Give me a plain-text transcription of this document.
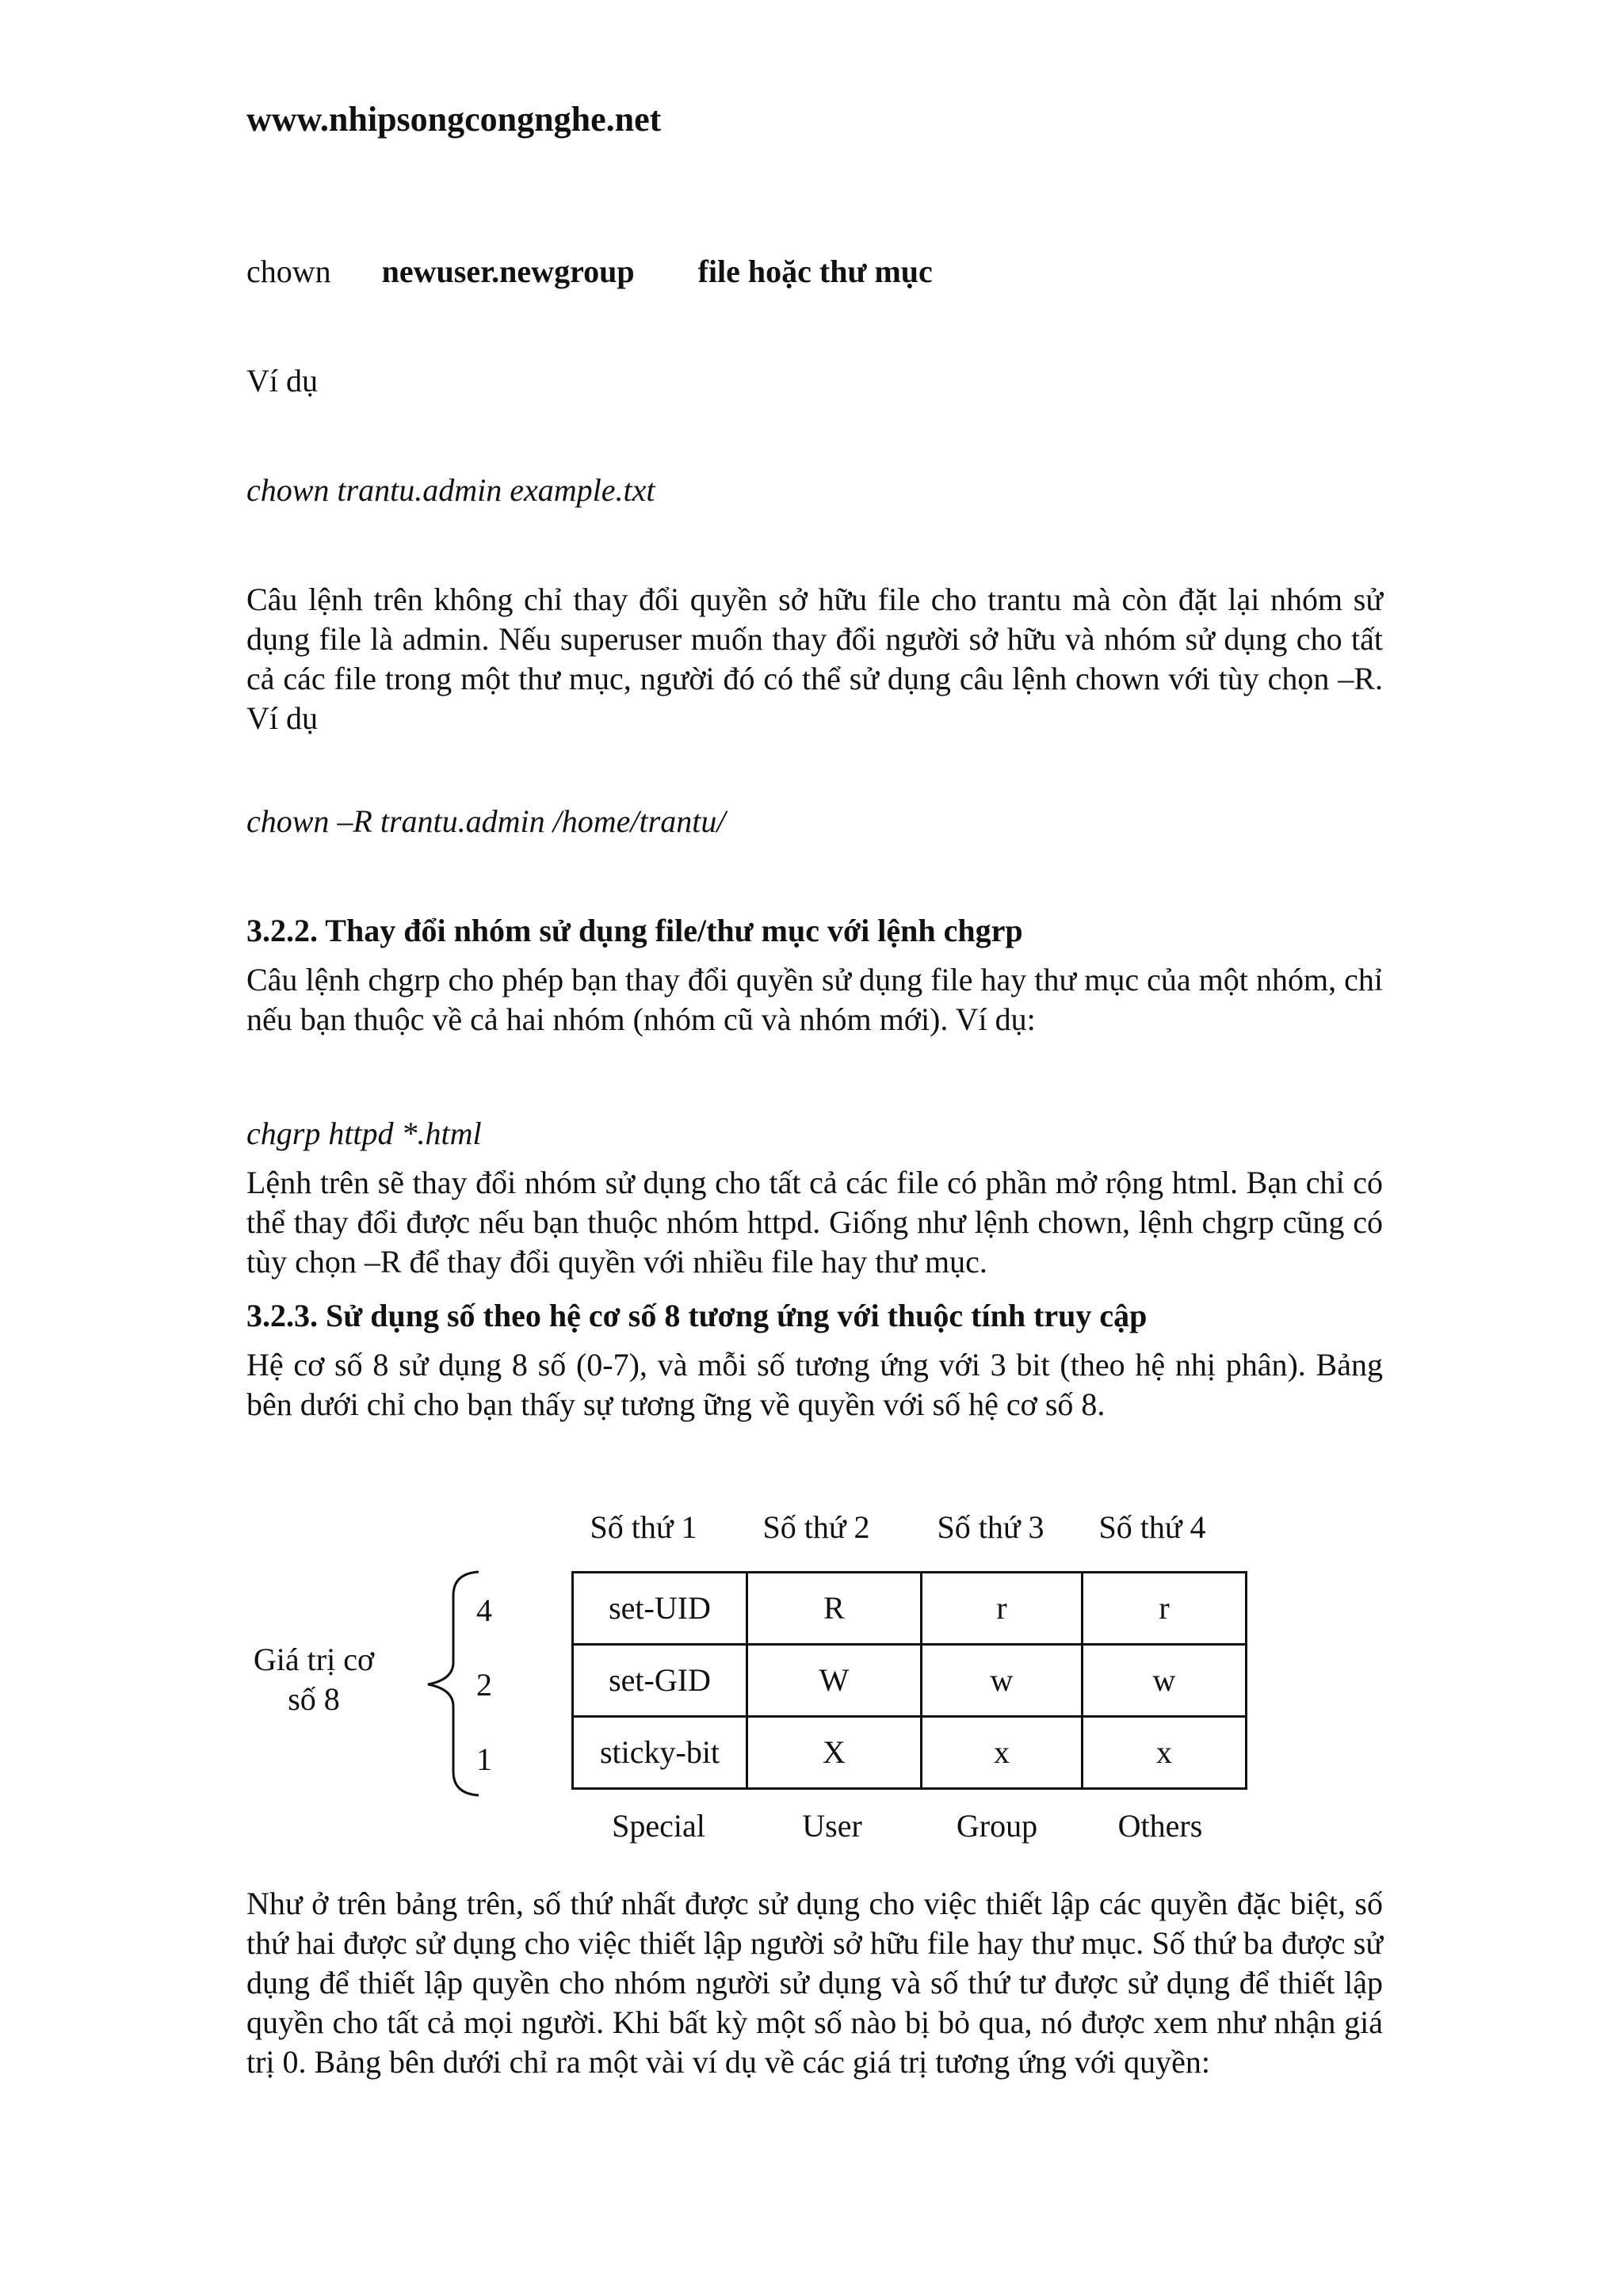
www.nhipsongcongnghe.net
chown newuser.newgroup file hoặc thư mục
Ví dụ
chown trantu.admin example.txt
Câu lệnh trên không chỉ thay đổi quyền sở hữu file cho trantu mà còn đặt lại nhóm sử dụng file là admin. Nếu superuser muốn thay đổi người sở hữu và nhóm sử dụng cho tất cả các file trong một thư mục, người đó có thể sử dụng câu lệnh chown với tùy chọn –R. Ví dụ
chown –R trantu.admin /home/trantu/
3.2.2. Thay đổi nhóm sử dụng file/thư mục với lệnh chgrp
Câu lệnh chgrp cho phép bạn thay đổi quyền sử dụng file hay thư mục của một nhóm, chỉ nếu bạn thuộc về cả hai nhóm (nhóm cũ và nhóm mới). Ví dụ:
chgrp httpd *.html
Lệnh trên sẽ thay đổi nhóm sử dụng cho tất cả các file có phần mở rộng html. Bạn chỉ có thể thay đổi được nếu bạn thuộc nhóm httpd. Giống như lệnh chown, lệnh chgrp cũng có tùy chọn –R để thay đổi quyền với nhiều file hay thư mục.
3.2.3. Sử dụng số theo hệ cơ số 8 tương ứng với thuộc tính truy cập
Hệ cơ số 8 sử dụng 8 số (0-7), và mỗi số tương ứng với 3 bit (theo hệ nhị phân). Bảng bên dưới chỉ cho bạn thấy sự tương ững về quyền với số hệ cơ số 8.
Số thứ 1	Số thứ 2	Số thứ 3	Số thứ 4
Giá trị cơ
số 8
4
2
1
set-UID	R	r	r
set-GID	W	w	w
sticky-bit	X	x	x
Special	User	Group	Others
Như ở trên bảng trên, số thứ nhất được sử dụng cho việc thiết lập các quyền đặc biệt, số thứ hai được sử dụng cho việc thiết lập người sở hữu file hay thư mục. Số thứ ba được sử dụng để thiết lập quyền cho nhóm người sử dụng và số thứ tư được sử dụng để thiết lập quyền cho tất cả mọi người. Khi bất kỳ một số nào bị bỏ qua, nó được xem như nhận giá trị 0. Bảng bên dưới chỉ ra một vài ví dụ về các giá trị tương ứng với quyền:
